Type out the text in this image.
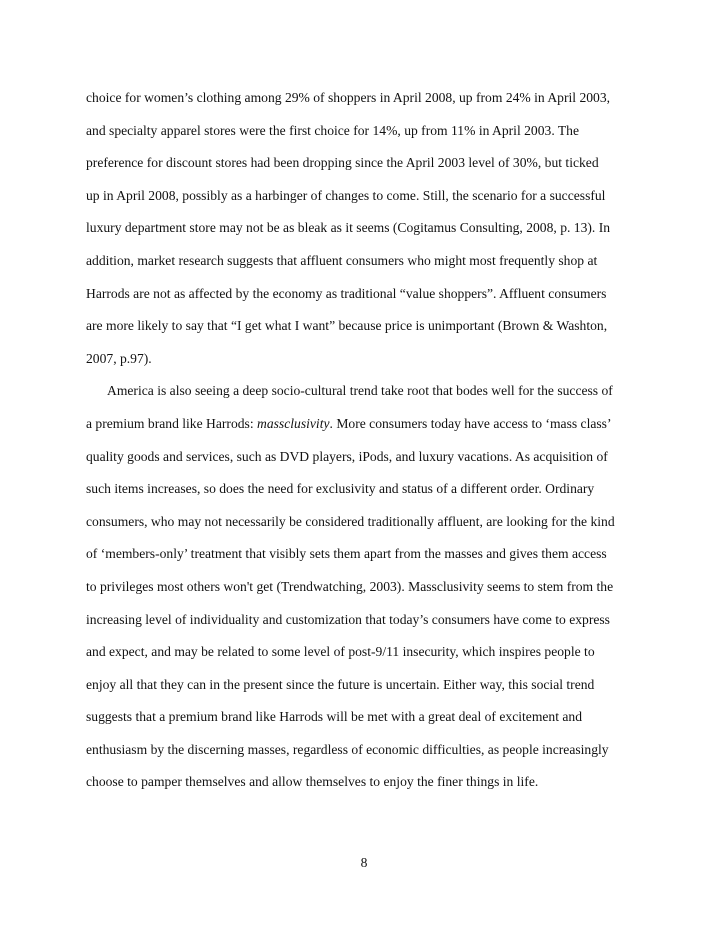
choice for women’s clothing among 29% of shoppers in April 2008, up from 24% in April 2003,
and specialty apparel stores were the first choice for 14%, up from 11% in April 2003. The
preference for discount stores had been dropping since the April 2003 level of 30%, but ticked
up in April 2008, possibly as a harbinger of changes to come. Still, the scenario for a successful
luxury department store may not be as bleak as it seems (Cogitamus Consulting, 2008, p. 13). In
addition, market research suggests that affluent consumers who might most frequently shop at
Harrods are not as affected by the economy as traditional “value shoppers”. Affluent consumers
are more likely to say that “I get what I want” because price is unimportant (Brown & Washton,
2007, p.97).
America is also seeing a deep socio-cultural trend take root that bodes well for the success of
a premium brand like Harrods: massclusivity. More consumers today have access to ‘mass class’
quality goods and services, such as DVD players, iPods, and luxury vacations. As acquisition of
such items increases, so does the need for exclusivity and status of a different order. Ordinary
consumers, who may not necessarily be considered traditionally affluent, are looking for the kind
of ‘members-only’ treatment that visibly sets them apart from the masses and gives them access
to privileges most others won't get (Trendwatching, 2003). Massclusivity seems to stem from the
increasing level of individuality and customization that today’s consumers have come to express
and expect, and may be related to some level of post-9/11 insecurity, which inspires people to
enjoy all that they can in the present since the future is uncertain. Either way, this social trend
suggests that a premium brand like Harrods will be met with a great deal of excitement and
enthusiasm by the discerning masses, regardless of economic difficulties, as people increasingly
choose to pamper themselves and allow themselves to enjoy the finer things in life.
8
